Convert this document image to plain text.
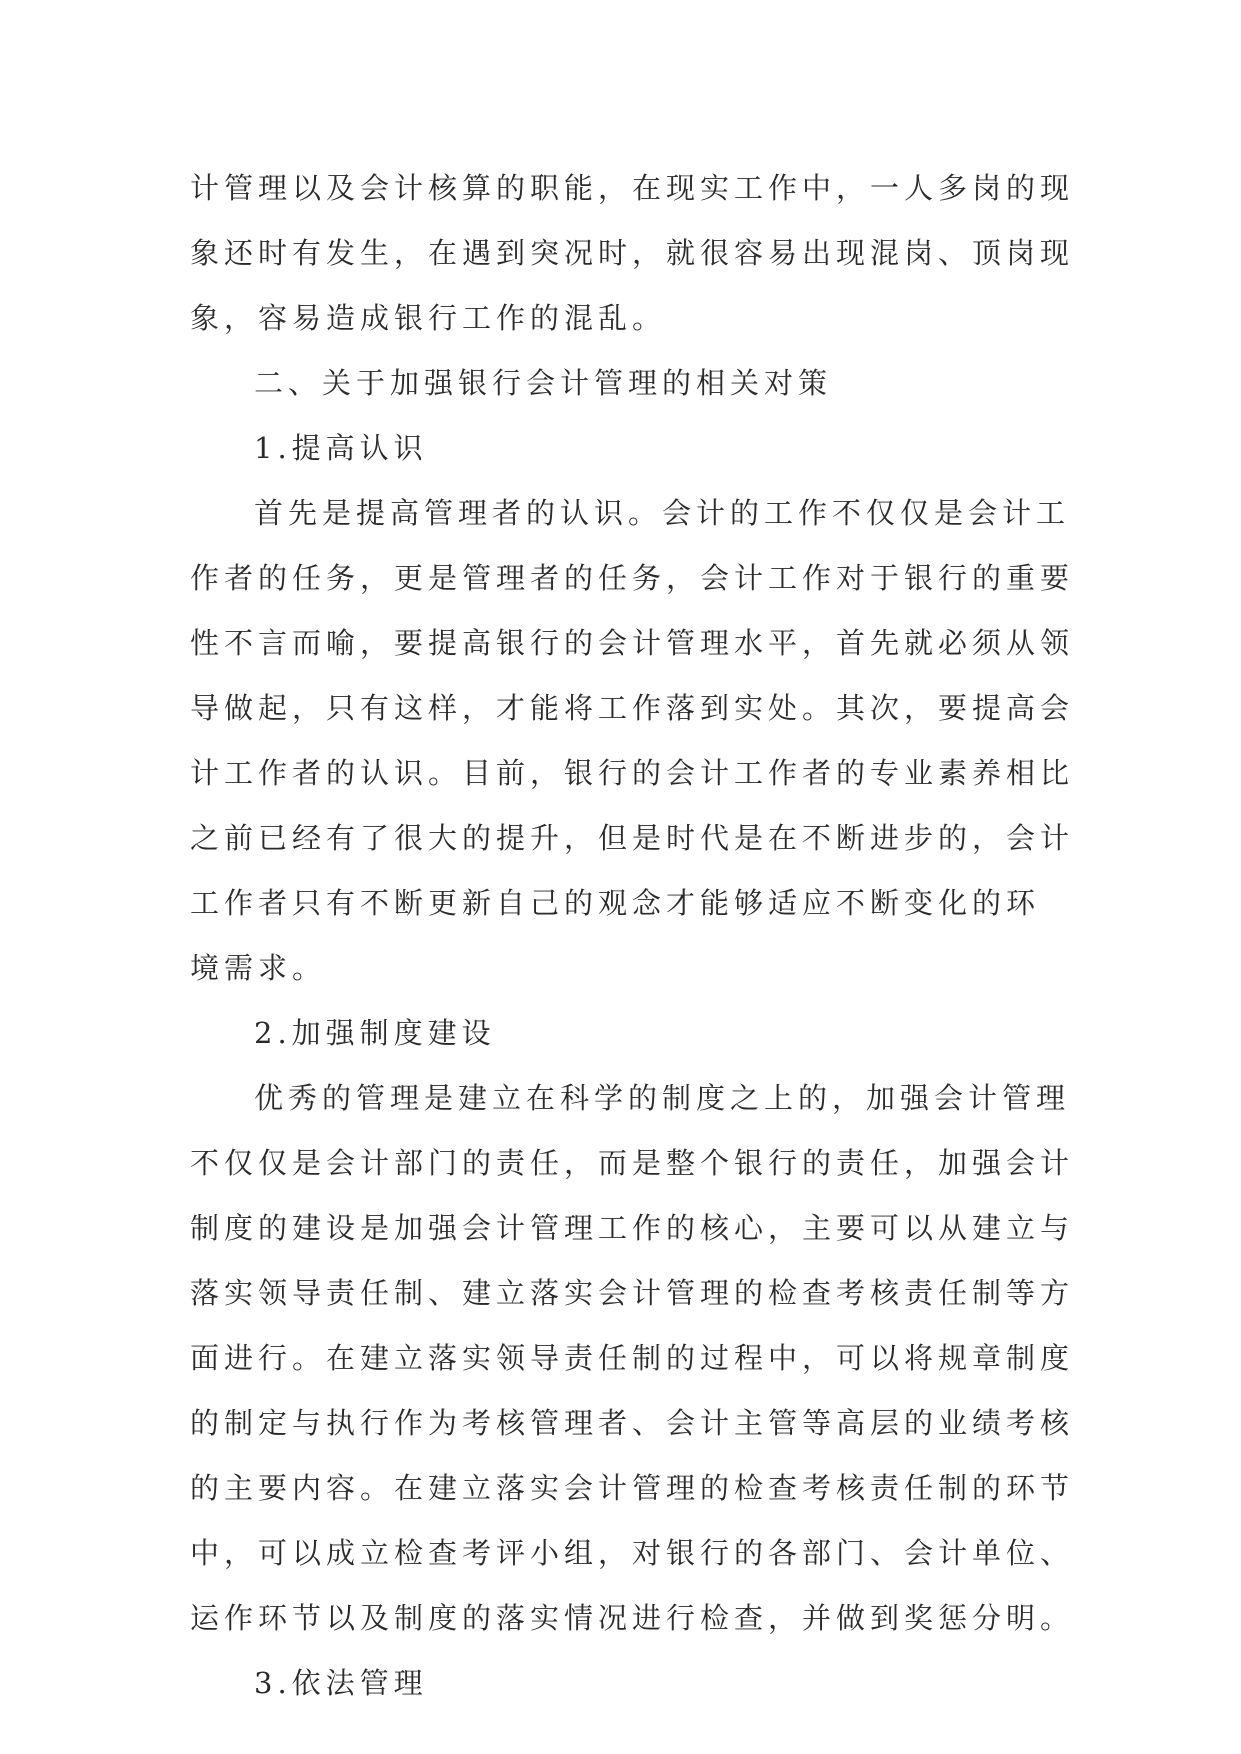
计管理以及会计核算的职能，在现实工作中，一人多岗的现
象还时有发生，在遇到突况时，就很容易出现混岗、顶岗现
象，容易造成银行工作的混乱。
二、关于加强银行会计管理的相关对策
1.提高认识
首先是提高管理者的认识。会计的工作不仅仅是会计工
作者的任务，更是管理者的任务，会计工作对于银行的重要
性不言而喻，要提高银行的会计管理水平，首先就必须从领
导做起，只有这样，才能将工作落到实处。其次，要提高会
计工作者的认识。目前，银行的会计工作者的专业素养相比
之前已经有了很大的提升，但是时代是在不断进步的，会计
工作者只有不断更新自己的观念才能够适应不断变化的环
境需求。
2.加强制度建设
优秀的管理是建立在科学的制度之上的，加强会计管理
不仅仅是会计部门的责任，而是整个银行的责任，加强会计
制度的建设是加强会计管理工作的核心，主要可以从建立与
落实领导责任制、建立落实会计管理的检查考核责任制等方
面进行。在建立落实领导责任制的过程中，可以将规章制度
的制定与执行作为考核管理者、会计主管等高层的业绩考核
的主要内容。在建立落实会计管理的检查考核责任制的环节
中，可以成立检查考评小组，对银行的各部门、会计单位、
运作环节以及制度的落实情况进行检查，并做到奖惩分明。
3.依法管理
